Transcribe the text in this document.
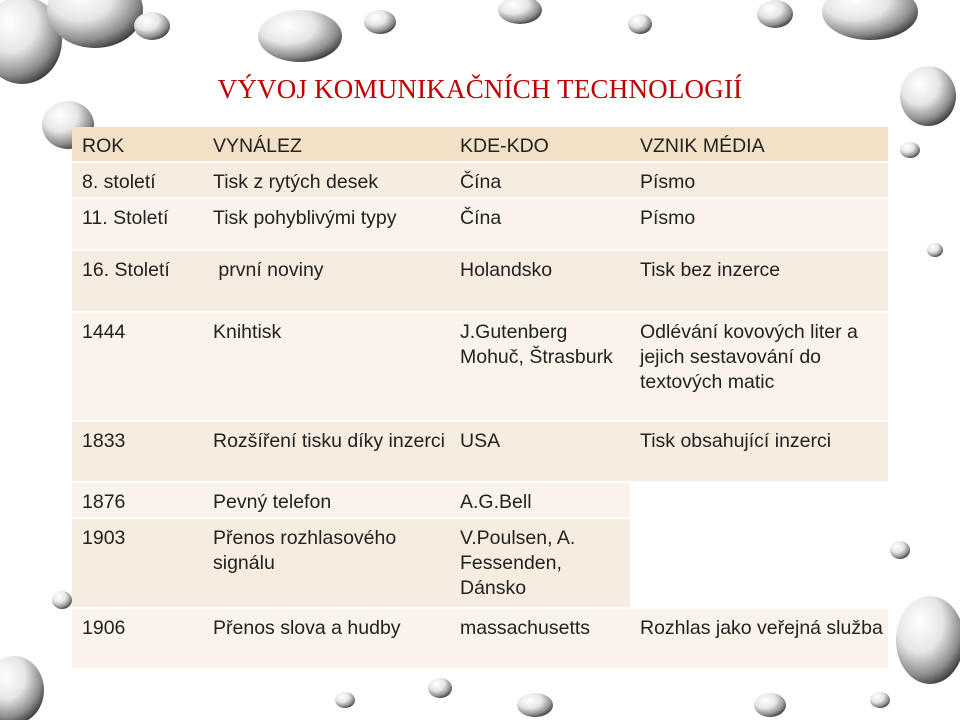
VÝVOJ KOMUNIKAČNÍCH TECHNOLOGIÍ
ROK	VYNÁLEZ	KDE-KDO	VZNIK MÉDIA
8. století	Tisk z rytých desek	Čína	Písmo
11. Století	Tisk pohyblivými typy	Čína	Písmo
16. Století	první noviny	Holandsko	Tisk bez inzerce
1444	Knihtisk	J.Gutenberg Mohuč, Štrasburk	Odlévání kovových liter a jejich sestavování do textových matic
1833	Rozšíření tisku díky inzerci	USA	Tisk obsahující inzerci
1876	Pevný telefon	A.G.Bell	
1903	Přenos rozhlasového signálu	V.Poulsen, A. Fessenden, Dánsko	
1906	Přenos slova a hudby	massachusetts	Rozhlas jako veřejná služba
